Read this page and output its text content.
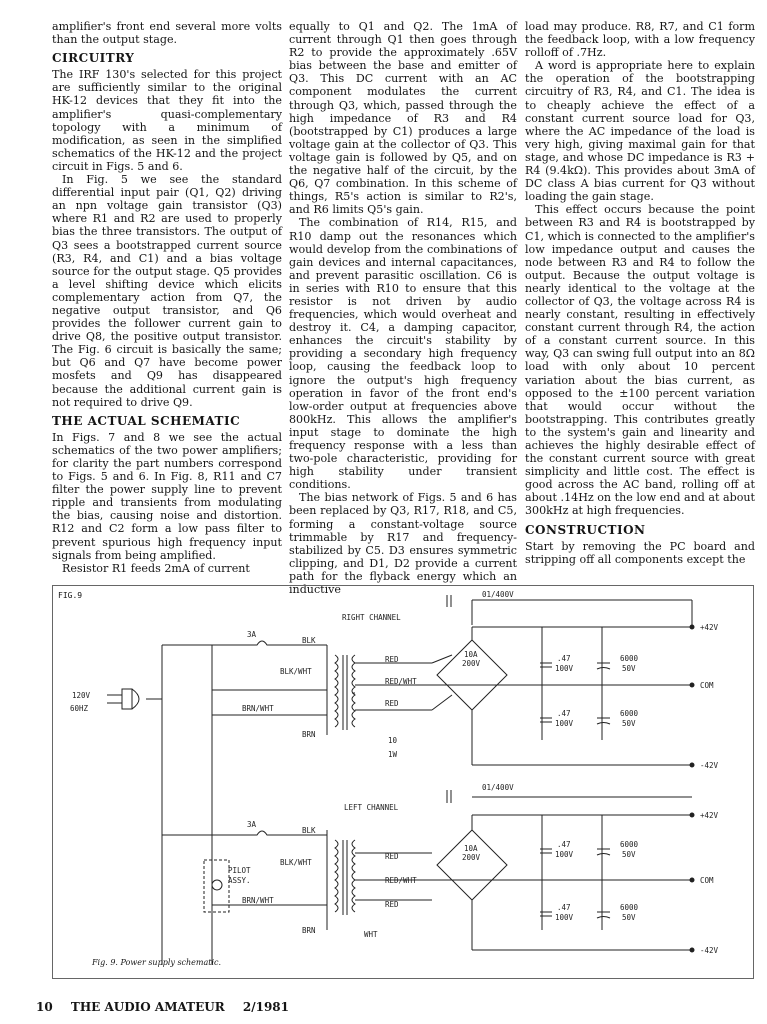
amplifier's front end several more volts than the output stage.

CIRCUITRY

The IRF 130's selected for this project are sufficiently similar to the original HK-12 devices that they fit into the amplifier's quasi-complementary topology with a minimum of modification, as seen in the simplified schematics of the HK-12 and the project circuit in Figs. 5 and 6.

In Fig. 5 we see the standard differential input pair (Q1, Q2) driving an npn voltage gain transistor (Q3) where R1 and R2 are used to properly bias the three transistors. The output of Q3 sees a bootstrapped current source (R3, R4, and C1) and a bias voltage source for the output stage. Q5 provides a level shifting device which elicits complementary action from Q7, the negative output transistor, and Q6 provides the follower current gain to drive Q8, the positive output transistor. The Fig. 6 circuit is basically the same; but Q6 and Q7 have become power mosfets and Q9 has disappeared because the additional current gain is not required to drive Q9.

THE ACTUAL SCHEMATIC

In Figs. 7 and 8 we see the actual schematics of the two power amplifiers; for clarity the part numbers correspond to Figs. 5 and 6. In Fig. 8, R11 and C7 filter the power supply line to prevent ripple and transients from modulating the bias, causing noise and distortion. R12 and C2 form a low pass filter to prevent spurious high frequency input signals from being amplified.

Resistor R1 feeds 2mA of current

equally to Q1 and Q2. The 1mA of current through Q1 then goes through R2 to provide the approximately .65V bias between the base and emitter of Q3. This DC current with an AC component modulates the current through Q3, which, passed through the high impedance of R3 and R4 (bootstrapped by C1) produces a large voltage gain at the collector of Q3. This voltage gain is followed by Q5, and on the negative half of the circuit, by the Q6, Q7 combination. In this scheme of things, R5's action is similar to R2's, and R6 limits Q5's gain.

The combination of R14, R15, and R10 damp out the resonances which would develop from the combinations of gain devices and internal capacitances, and prevent parasitic oscillation. C6 is in series with R10 to ensure that this resistor is not driven by audio frequencies, which would overheat and destroy it. C4, a damping capacitor, enhances the circuit's stability by providing a secondary high frequency loop, causing the feedback loop to ignore the output's high frequency operation in favor of the front end's low-order output at frequencies above 800kHz. This allows the amplifier's input stage to dominate the high frequency response with a less than two-pole characteristic, providing for high stability under transient conditions.

The bias network of Figs. 5 and 6 has been replaced by Q3, R17, R18, and C5, forming a constant-voltage source trimmable by R17 and frequency-stabilized by C5. D3 ensures symmetric clipping, and D1, D2 provide a current path for the flyback energy which an inductive

load may produce. R8, R7, and C1 form the feedback loop, with a low frequency rolloff of .7Hz.

A word is appropriate here to explain the operation of the bootstrapping circuitry of R3, R4, and C1. The idea is to cheaply achieve the effect of a constant current source load for Q3, where the AC impedance of the load is very high, giving maximal gain for that stage, and whose DC impedance is R3 + R4 (9.4kΩ). This provides about 3mA of DC class A bias current for Q3 without loading the gain stage.

This effect occurs because the point between R3 and R4 is bootstrapped by C1, which is connected to the amplifier's low impedance output and causes the node between R3 and R4 to follow the output. Because the output voltage is nearly identical to the voltage at the collector of Q3, the voltage across R4 is nearly constant, resulting in effectively constant current through R4, the action of a constant current source. In this way, Q3 can swing full output into an 8Ω load with only about 10 percent variation about the bias current, as opposed to the ±100 percent variation that would occur without the bootstrapping. This contributes greatly to the system's gain and linearity and achieves the highly desirable effect of the constant current source with great simplicity and little cost. The effect is good across the AC band, rolling off at about .14Hz on the low end and at about 300kHz at high frequencies.

CONSTRUCTION

Start by removing the PC board and stripping off all components except the

FIG.9
RIGHT CHANNEL
LEFT CHANNEL
01/400V
01/400V
3A
3A
BLK
BLK
BLK/WHT
BLK/WHT
BRN/WHT
BRN/WHT
BRN
BRN
RED
RED
RED
RED
RED/WHT
RED/WHT
120V
60HZ
10A
200V
10A
200V
.47
100V
.47
100V
.47
100V
.47
100V
6000
50V
6000
50V
6000
50V
6000
50V
+42V
COM
-42V
+42V
COM
-42V
10
1W
PILOT
ASSY.
WHT
Fig. 9. Power supply schematic.
10 THE AUDIO AMATEUR 2/1981
